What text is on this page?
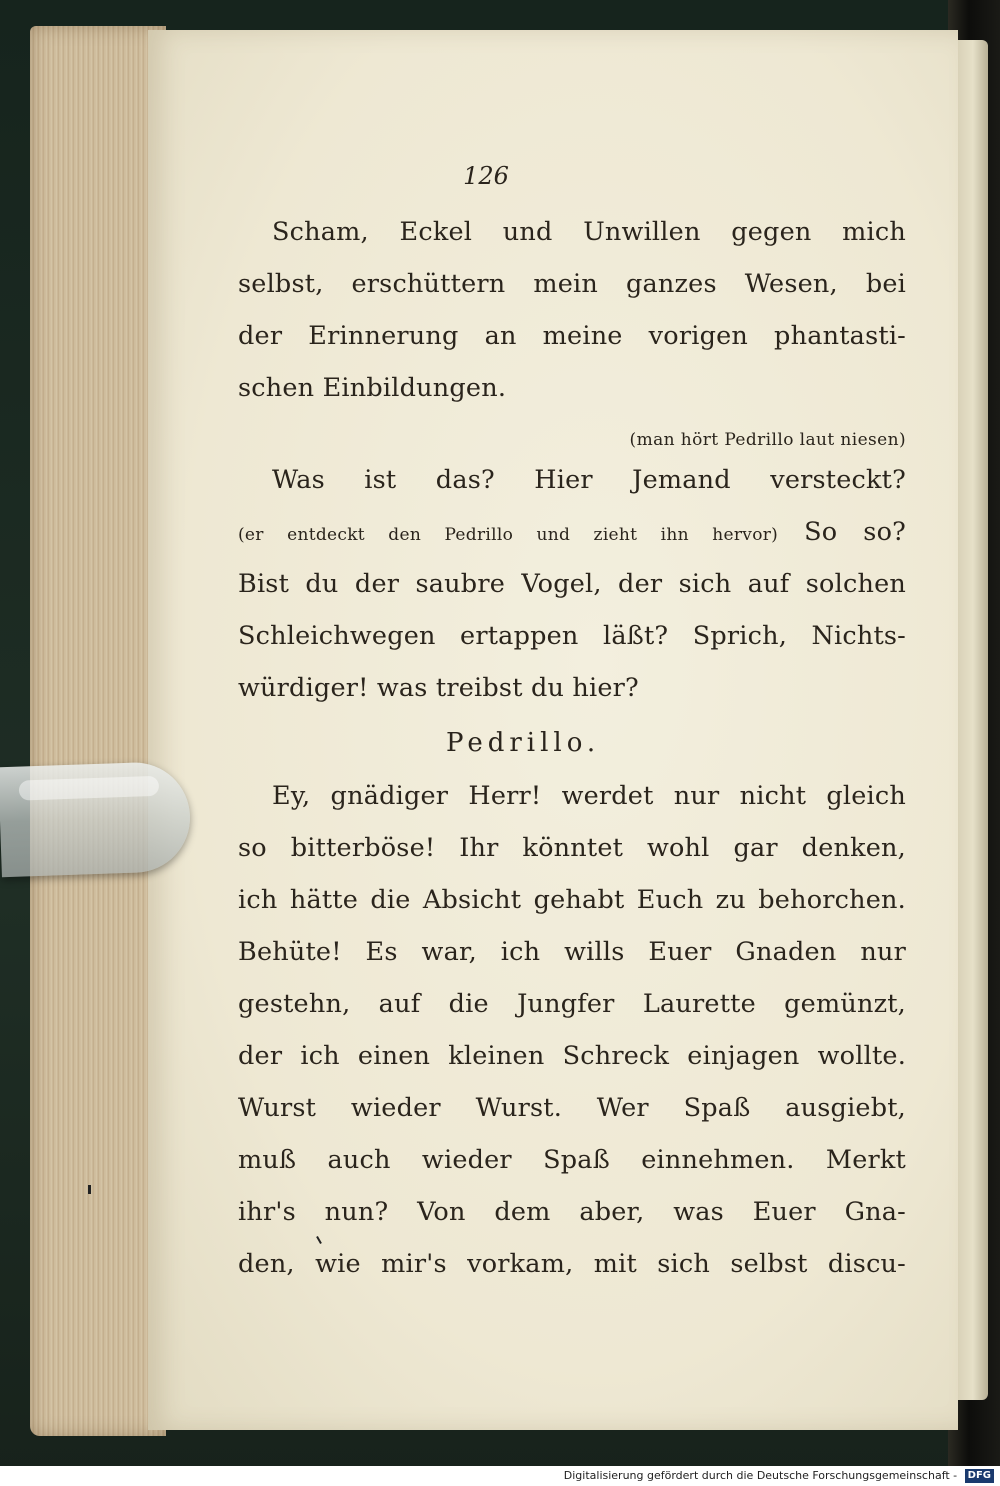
126
Scham, Eckel und Unwillen gegen mich
selbst, erschüttern mein ganzes Wesen, bei
der Erinnerung an meine vorigen phantasti-
schen Einbildungen.
(man hört Pedrillo laut niesen)
Was ist das? Hier Jemand versteckt?
(er entdeckt den Pedrillo und zieht ihn hervor) So so?
Bist du der saubre Vogel, der sich auf solchen
Schleichwegen ertappen läßt? Sprich, Nichts-
würdiger! was treibst du hier?
Pedrillo.
Ey, gnädiger Herr! werdet nur nicht gleich
so bitterböse! Ihr könntet wohl gar denken,
ich hätte die Absicht gehabt Euch zu behorchen.
Behüte! Es war, ich wills Euer Gnaden nur
gestehn, auf die Jungfer Laurette gemünzt,
der ich einen kleinen Schreck einjagen wollte.
Wurst wieder Wurst. Wer Spaß ausgiebt,
muß auch wieder Spaß einnehmen. Merkt
ihr's nun? Von dem aber, was Euer Gna-
den, wie mir's vorkam, mit sich selbst discu-
Digitalisierung gefördert durch die Deutsche Forschungsgemeinschaft - DFG
